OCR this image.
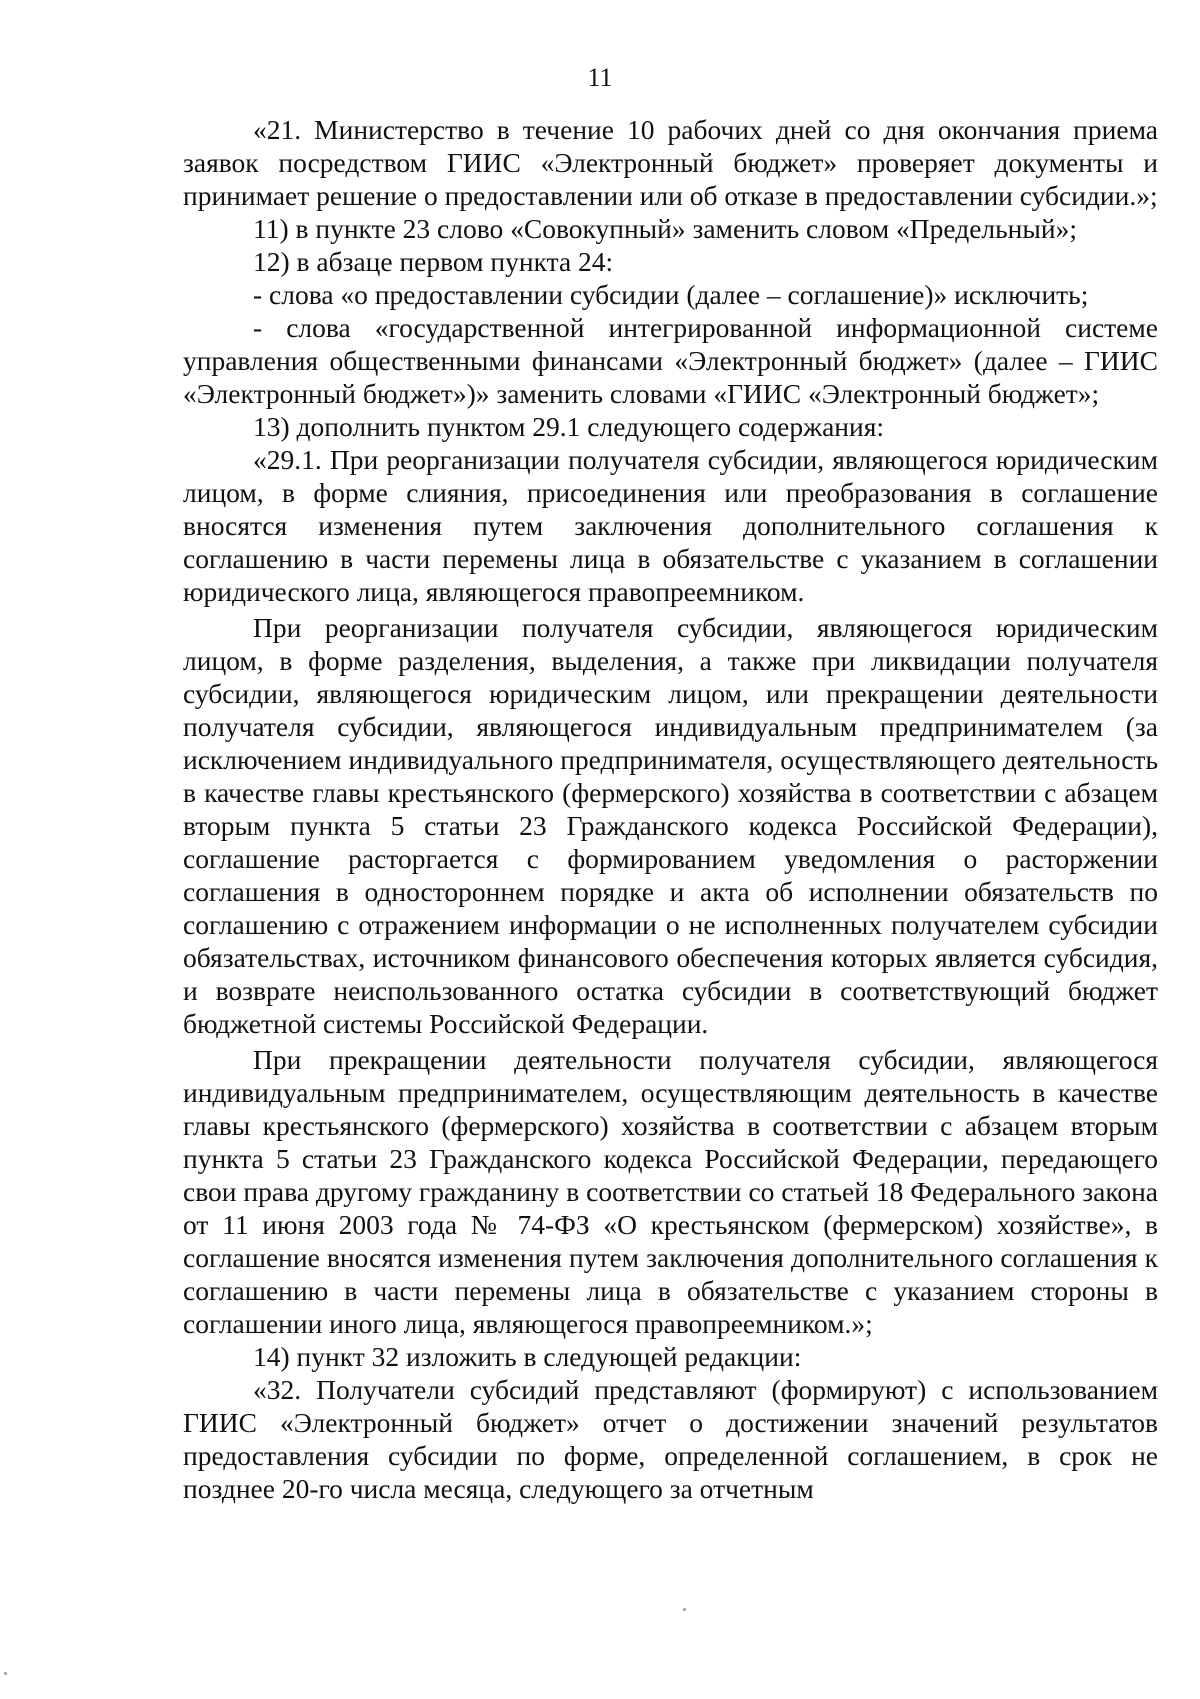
11

«21. Министерство в течение 10 рабочих дней со дня окончания приема заявок посредством ГИИС «Электронный бюджет» проверяет документы и принимает решение о предоставлении или об отказе в предоставлении субсидии.»;

11) в пункте 23 слово «Совокупный» заменить словом «Предельный»;

12) в абзаце первом пункта 24:

- слова «о предоставлении субсидии (далее – соглашение)» исключить;

- слова «государственной интегрированной информационной системе управления общественными финансами «Электронный бюджет» (далее – ГИИС «Электронный бюджет»)» заменить словами «ГИИС «Электронный бюджет»;

13) дополнить пунктом 29.1 следующего содержания:

«29.1. При реорганизации получателя субсидии, являющегося юридическим лицом, в форме слияния, присоединения или преобразования в соглашение вносятся изменения путем заключения дополнительного соглашения к соглашению в части перемены лица в обязательстве с указанием в соглашении юридического лица, являющегося правопреемником.

При реорганизации получателя субсидии, являющегося юридическим лицом, в форме разделения, выделения, а также при ликвидации получателя субсидии, являющегося юридическим лицом, или прекращении деятельности получателя субсидии, являющегося индивидуальным предпринимателем (за исключением индивидуального предпринимателя, осуществляющего деятельность в качестве главы крестьянского (фермерского) хозяйства в соответствии с абзацем вторым пункта 5 статьи 23 Гражданского кодекса Российской Федерации), соглашение расторгается с формированием уведомления о расторжении соглашения в одностороннем порядке и акта об исполнении обязательств по соглашению с отражением информации о не исполненных получателем субсидии обязательствах, источником финансового обеспечения которых является субсидия, и возврате неиспользованного остатка субсидии в соответствующий бюджет бюджетной системы Российской Федерации.

При прекращении деятельности получателя субсидии, являющегося индивидуальным предпринимателем, осуществляющим деятельность в качестве главы крестьянского (фермерского) хозяйства в соответствии с абзацем вторым пункта 5 статьи 23 Гражданского кодекса Российской Федерации, передающего свои права другому гражданину в соответствии со статьей 18 Федерального закона от 11 июня 2003 года № 74-ФЗ «О крестьянском (фермерском) хозяйстве», в соглашение вносятся изменения путем заключения дополнительного соглашения к соглашению в части перемены лица в обязательстве с указанием стороны в соглашении иного лица, являющегося правопреемником.»;

14) пункт 32 изложить в следующей редакции:

«32. Получатели субсидий представляют (формируют) с использованием ГИИС «Электронный бюджет» отчет о достижении значений результатов предоставления субсидии по форме, определенной соглашением, в срок не позднее 20-го числа месяца, следующего за отчетным
